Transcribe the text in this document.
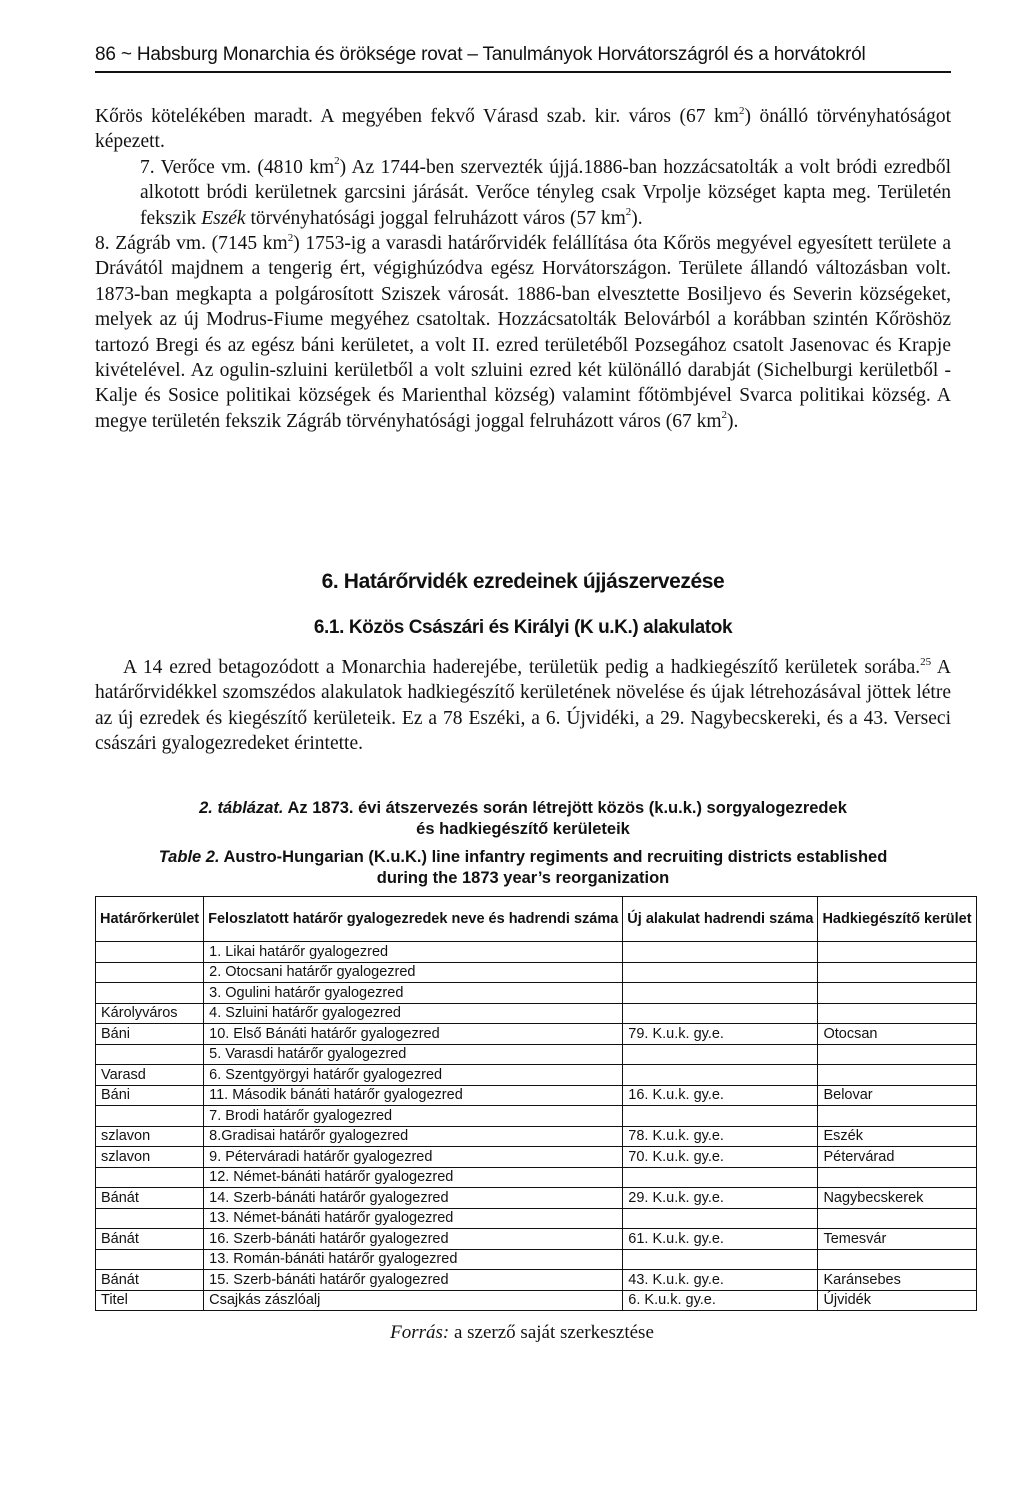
86 ~ Habsburg Monarchia és öröksége rovat – Tanulmányok Horvátországról és a horvátokról

Kőrös kötelékében maradt. A megyében fekvő Várasd szab. kir. város (67 $km^2$) önálló törvényhatóságot képezett.

7. Verőce vm. (4810 $km^2$) Az 1744-ben szervezték újjá.1886-ban hozzácsatolták a volt bródi ezredből alkotott bródi kerületnek garcsini járását. Verőce tényleg csak Vrpolje községet kapta meg. Területén fekszik Eszék törvényhatósági joggal felruházott város (57 $km^2$).

8. Zágráb vm. (7145 $km^2$) 1753-ig a varasdi határőrvidék felállítása óta Kőrös megyével egyesített területe a Drávától majdnem a tengerig ért, végighúzódva egész Horvátországon. Területe állandó változásban volt. 1873-ban megkapta a polgárosított Sziszek városát. 1886-ban elvesztette Bosiljevo és Severin községeket, melyek az új Modrus-Fiume megyéhez csatoltak. Hozzácsatolták Belovárból a korábban szintén Kőröshöz tartozó Bregi és az egész báni kerületet, a volt II. ezred területéből Pozsegához csatolt Jasenovac és Krapje kivételével. Az ogulin-szluini kerületből a volt szluini ezred két különálló darabját (Sichelburgi kerületből - Kalje és Sosice politikai községek és Marienthal község) valamint főtömbjével Svarca politikai község. A megye területén fekszik Zágráb törvényhatósági joggal felruházott város (67 $km^2$).

6. Határőrvidék ezredeinek újjászervezése
6.1. Közös Császári és Királyi (K u.K.) alakulatok

A 14 ezred betagozódott a Monarchia haderejébe, területük pedig a hadkiegészítő kerületek sorába.$^{25}$ A határőrvidékkel szomszédos alakulatok hadkiegészítő kerületének növelése és újak létrehozásával jöttek létre az új ezredek és kiegészítő kerületeik. Ez a 78 Eszéki, a 6. Újvidéki, a 29. Nagybecskereki, és a 43. Verseci császári gyalogezredeket érintette.

2. táblázat. Az 1873. évi átszervezés során létrejött közös (k.u.k.) sorgyalogezredek
és hadkiegészítő kerületeik
Table 2. Austro-Hungarian (K.u.K.) line infantry regiments and recruiting districts established
during the 1873 year’s reorganization
Határőrkerület	Feloszlatott határőr gyalogezredek neve és hadrendi száma	Új alakulat hadrendi száma	Hadkiegészítő kerület
	1. Likai határőr gyalogezred		
	2. Otocsani határőr gyalogezred		
	3. Ogulini határőr gyalogezred		
Károlyváros	4. Szluini határőr gyalogezred		
Báni	10. Első Bánáti határőr gyalogezred	79. K.u.k. gy.e.	Otocsan
	5. Varasdi határőr gyalogezred		
Varasd	6. Szentgyörgyi határőr gyalogezred		
Báni	11. Második bánáti határőr gyalogezred	16. K.u.k. gy.e.	Belovar
	7. Brodi határőr gyalogezred		
szlavon	8.Gradisai határőr gyalogezred	78. K.u.k. gy.e.	Eszék
szlavon	9. Péterváradi határőr gyalogezred	70. K.u.k. gy.e.	Pétervárad
	12. Német-bánáti határőr gyalogezred		
Bánát	14. Szerb-bánáti határőr gyalogezred	29. K.u.k. gy.e.	Nagybecskerek
	13. Német-bánáti határőr gyalogezred		
Bánát	16. Szerb-bánáti határőr gyalogezred	61. K.u.k. gy.e.	Temesvár
	13. Román-bánáti határőr gyalogezred		
Bánát	15. Szerb-bánáti határőr gyalogezred	43. K.u.k. gy.e.	Karánsebes
Titel	Csajkás zászlóalj	6. K.u.k. gy.e.	Újvidék
Forrás: a szerző saját szerkesztése
